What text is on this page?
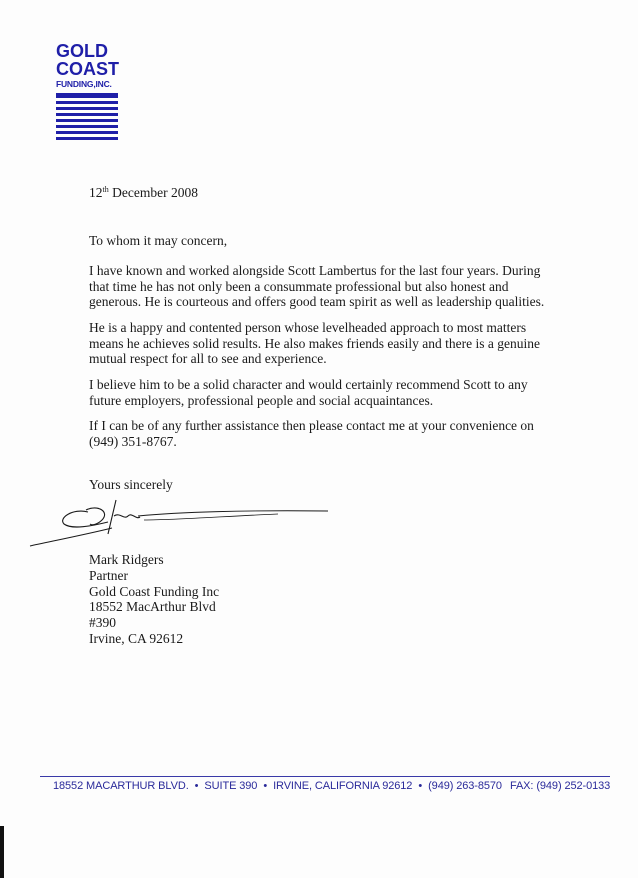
GOLD
COAST
FUNDING,INC.
12th December 2008
To whom it may concern,
I have known and worked alongside Scott Lambertus for the last four years. During that time he has not only been a consummate professional but also honest and generous. He is courteous and offers good team spirit as well as leadership qualities.
He is a happy and contented person whose levelheaded approach to most matters means he achieves solid results. He also makes friends easily and there is a genuine mutual respect for all to see and experience.
I believe him to be a solid character and would certainly recommend Scott to any future employers, professional people and social acquaintances.
If I can be of any further assistance then please contact me at your convenience on (949) 351-8767.
Yours sincerely
Mark Ridgers
Partner
Gold Coast Funding Inc
18552 MacArthur Blvd
#390
Irvine, CA 92612
18552 MACARTHUR BLVD. • SUITE 390 • IRVINE, CALIFORNIA 92612 • (949) 263-8570 FAX: (949) 252-0133
